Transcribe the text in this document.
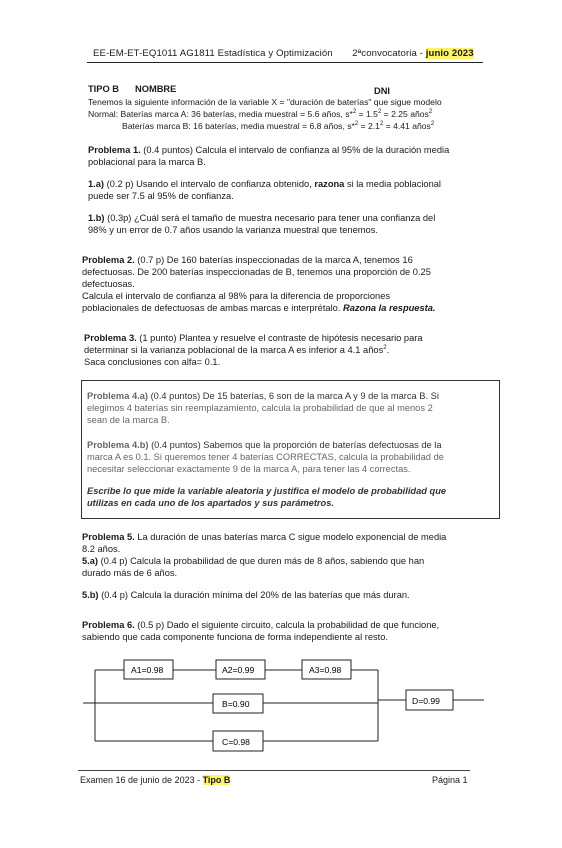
EE-EM-ET-EQ1011 AG1811 Estadística y Optimización 2ªconvocatoria - junio 2023
TIPO B NOMBRE	DNI
Tenemos la siguiente información de la variable X = "duración de baterías" que sigue modelo
Normal: Baterías marca A: 36 baterías, media muestral = 5.6 años, $s*^2 = 1.5^2 = 2.25$ años$^2$
Baterías marca B: 16 baterías, media muestral = 6.8 años, $s*^2 = 2.1^2 = 4.41$ años$^2$
Problema 1. (0.4 puntos) Calcula el intervalo de confianza al 95% de la duración media
poblacional para la marca B.
1.a) (0.2 p) Usando el intervalo de confianza obtenido, razona si la media poblacional
puede ser 7.5 al 95% de confianza.
1.b) (0.3p) ¿Cuál será el tamaño de muestra necesario para tener una confianza del
98% y un error de 0.7 años usando la varianza muestral que tenemos.
Problema 2. (0.7 p) De 160 baterías inspeccionadas de la marca A, tenemos 16
defectuosas. De 200 baterías inspeccionadas de B, tenemos una proporción de 0.25
defectuosas.
Calcula el intervalo de confianza al 98% para la diferencia de proporciones
poblacionales de defectuosas de ambas marcas e interprétalo. Razona la respuesta.
Problema 3. (1 punto) Plantea y resuelve el contraste de hipótesis necesario para
determinar si la varianza poblacional de la marca A es inferior a 4.1 años$^2$.
Saca conclusiones con alfa= 0.1.
Problema 4.a) (0.4 puntos) De 15 baterías, 6 son de la marca A y 9 de la marca B. Si
elegimos 4 baterías sin reemplazamiento, calcula la probabilidad de que al menos 2
sean de la marca B.
Problema 4.b) (0.4 puntos) Sabemos que la proporción de baterías defectuosas de la
marca A es 0.1. Si queremos tener 4 baterías CORRECTAS, calcula la probabilidad de
necesitar seleccionar exactamente 9 de la marca A, para tener las 4 correctas.
Escribe lo que mide la variable aleatoria y justifica el modelo de probabilidad que
utilizas en cada uno de los apartados y sus parámetros.
Problema 5. La duración de unas baterías marca C sigue modelo exponencial de media
8.2 años.
5.a) (0.4 p) Calcula la probabilidad de que duren más de 8 años, sabiendo que han
durado más de 6 años.
5.b) (0.4 p) Calcula la duración mínima del 20% de las baterías que más duran.
Problema 6. (0.5 p) Dado el siguiente circuito, calcula la probabilidad de que funcione,
sabiendo que cada componente funciona de forma independiente al resto.
A1=0.98	A2=0.99	A3=0.98
B=0.90
C=0.98
D=0.99
Examen 16 de junio de 2023 - Tipo B	Página 1
